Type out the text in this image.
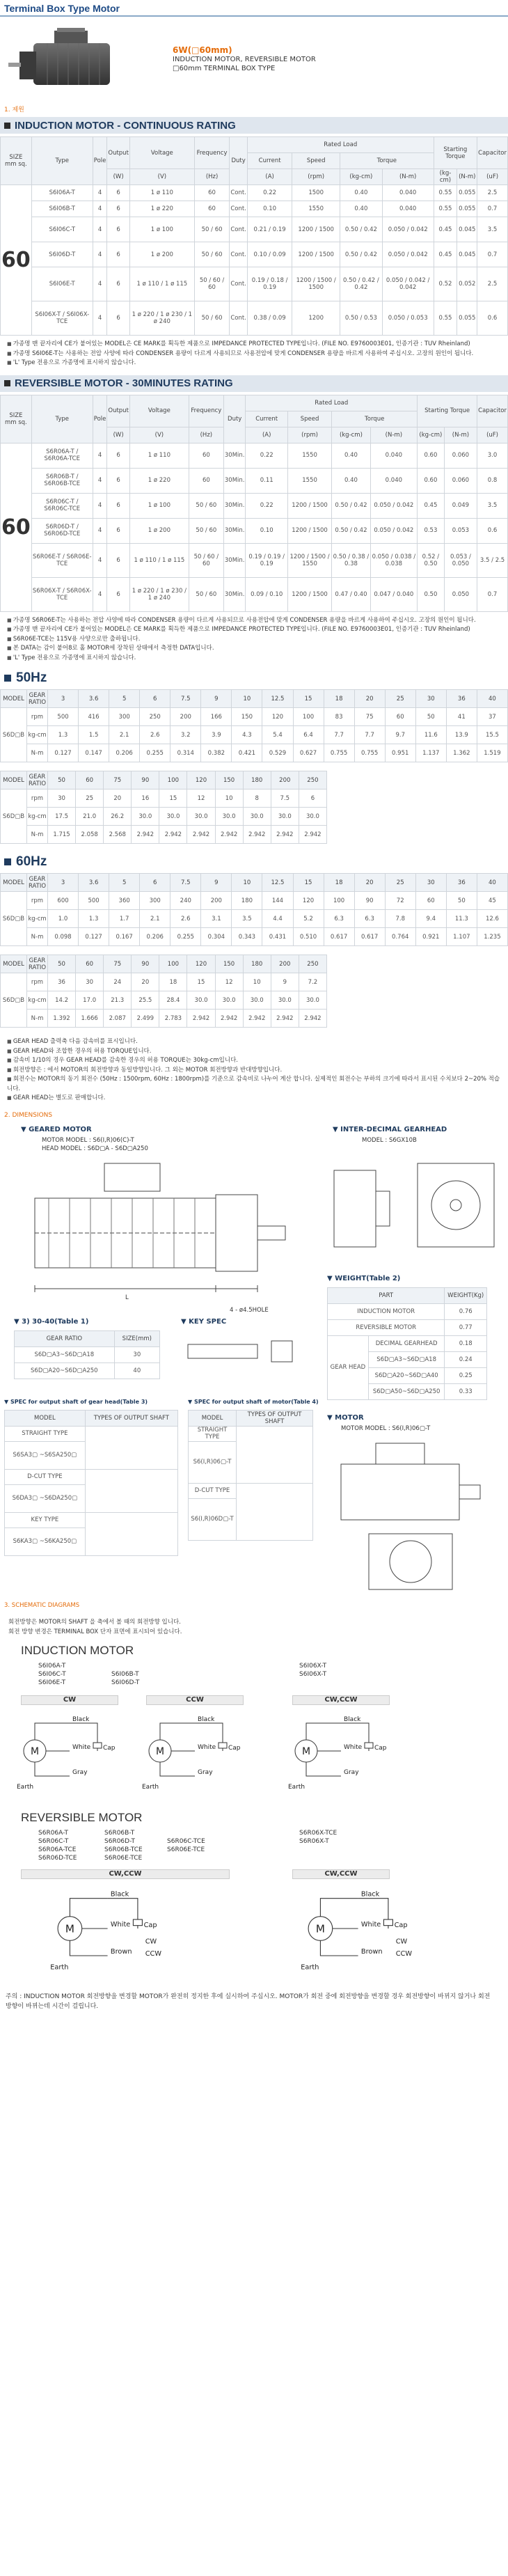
Terminal Box Type Motor
6W(□60mm)
INDUCTION MOTOR, REVERSIBLE MOTOR
□60mm TERMINAL BOX TYPE
1. 제원
INDUCTION MOTOR - CONTINUOUS RATING
SIZE
mm sq.	Type	Pole	Output	Voltage	Frequency	Duty	Rated Load				Starting Torque		Capacitor
							Current	Speed	Torque				
			(W)	(V)	(Hz)		(A)	(rpm)	(kg-cm)	(N-m)	(kg-cm)	(N-m)	(uF)
60	S6I06A-T	4	6	1 ø 110	60	Cont.	0.22	1500	0.40	0.040	0.55	0.055	2.5
	S6I06B-T	4	6	1 ø 220	60	Cont.	0.10	1550	0.40	0.040	0.55	0.055	0.7
	S6I06C-T	4	6	1 ø 100	50 / 60	Cont.	0.21 / 0.19	1200 / 1500	0.50 / 0.42	0.050 / 0.042	0.45	0.045	3.5
	S6I06D-T	4	6	1 ø 200	50 / 60	Cont.	0.10 / 0.09	1200 / 1500	0.50 / 0.42	0.050 / 0.042	0.45	0.045	0.7
	S6I06E-T	4	6	1 ø 110 / 1 ø 115	50 / 60 / 60	Cont.	0.19 / 0.18 / 0.19	1200 / 1500 / 1500	0.50 / 0.42 / 0.42	0.050 / 0.042 / 0.042	0.52	0.052	2.5
	S6I06X-T / S6I06X-TCE	4	6	1 ø 220 / 1 ø 230 / 1 ø 240	50 / 60	Cont.	0.38 / 0.09	1200	0.50 / 0.53	0.050 / 0.053	0.55	0.055	0.6

■ 가종명 맨 끝자리에 CE가 붙어있는 MODEL은 CE MARK를 획득한 제품으로 IMPEDANCE PROTECTED TYPE입니다. (FILE NO. E9760003E01, 인증기관 : TUV Rheinland)

■ 가종명 S6I06E-T는 사용하는 전압 사양에 따라 CONDENSER 용량이 다르게 사용되므로 사용전압에 맞게 CONDENSER 용량을 바르게 사용하여 주십시오. 고장의 원인이 됩니다.

■ 'L' Type 전용으로 가종명에 표시하지 않습니다.

REVERSIBLE MOTOR - 30MINUTES RATING
SIZE
mm sq.	Type	Pole	Output	Voltage	Frequency	Duty	Rated Load				Starting Torque		Capacitor
							Current	Speed	Torque				
			(W)	(V)	(Hz)		(A)	(rpm)	(kg-cm)	(N-m)	(kg-cm)	(N-m)	(uF)
60	S6R06A-T / S6R06A-TCE	4	6	1 ø 110	60	30Min.	0.22	1550	0.40	0.040	0.60	0.060	3.0
	S6R06B-T / S6R06B-TCE	4	6	1 ø 220	60	30Min.	0.11	1550	0.40	0.040	0.60	0.060	0.8
	S6R06C-T / S6R06C-TCE	4	6	1 ø 100	50 / 60	30Min.	0.22	1200 / 1500	0.50 / 0.42	0.050 / 0.042	0.45	0.049	3.5
	S6R06D-T / S6R06D-TCE	4	6	1 ø 200	50 / 60	30Min.	0.10	1200 / 1500	0.50 / 0.42	0.050 / 0.042	0.53	0.053	0.6
	S6R06E-T / S6R06E-TCE	4	6	1 ø 110 / 1 ø 115	50 / 60 / 60	30Min.	0.19 / 0.19 / 0.19	1200 / 1500 / 1550	0.50 / 0.38 / 0.38	0.050 / 0.038 / 0.038	0.52 / 0.50	0.053 / 0.050	3.5 / 2.5
	S6R06X-T / S6R06X-TCE	4	6	1 ø 220 / 1 ø 230 / 1 ø 240	50 / 60	30Min.	0.09 / 0.10	1200 / 1500	0.47 / 0.40	0.047 / 0.040	0.50	0.050	0.7

■ 가종명 S6R06E-T는 사용하는 전압 사양에 따라 CONDENSER 용량이 다르게 사용되므로 사용전압에 맞게 CONDENSER 용량을 바르게 사용하여 주십시오. 고장의 원인이 됩니다.

■ 가종명 맨 끝자리에 CE가 붙어있는 MODEL은 CE MARK를 획득한 제품으로 IMPEDANCE PROTECTED TYPE입니다. (FILE NO. E9760003E01, 인증기관 : TUV Rheinland)

■ S6R06E-TCE는 115V용 사양으로만 출하됩니다.

■ 본 DATA는 감이 붙어8로 홀 MOTOR에 장착된 상태에서 측정한 DATA입니다.

■ 'L' Type 전용으로 가종명에 표시하지 않습니다.

50Hz
MODEL	GEAR RATIO	3	3.6	5	6	7.5	9	10	12.5	15	18	20	25	30	36	40
S6D▢B	rpm	500	416	300	250	200	166	150	120	100	83	75	60	50	41	37
	kg-cm	1.3	1.5	2.1	2.6	3.2	3.9	4.3	5.4	6.4	7.7	7.7	9.7	11.6	13.9	15.5
	N-m	0.127	0.147	0.206	0.255	0.314	0.382	0.421	0.529	0.627	0.755	0.755	0.951	1.137	1.362	1.519
MODEL	GEAR RATIO	50	60	75	90	100	120	150	180	200	250
S6D▢B	rpm	30	25	20	16	15	12	10	8	7.5	6
	kg-cm	17.5	21.0	26.2	30.0	30.0	30.0	30.0	30.0	30.0	30.0
	N-m	1.715	2.058	2.568	2.942	2.942	2.942	2.942	2.942	2.942	2.942
60Hz
MODEL	GEAR RATIO	3	3.6	5	6	7.5	9	10	12.5	15	18	20	25	30	36	40
S6D▢B	rpm	600	500	360	300	240	200	180	144	120	100	90	72	60	50	45
	kg-cm	1.0	1.3	1.7	2.1	2.6	3.1	3.5	4.4	5.2	6.3	6.3	7.8	9.4	11.3	12.6
	N-m	0.098	0.127	0.167	0.206	0.255	0.304	0.343	0.431	0.510	0.617	0.617	0.764	0.921	1.107	1.235
MODEL	GEAR RATIO	50	60	75	90	100	120	150	180	200	250
S6D▢B	rpm	36	30	24	20	18	15	12	10	9	7.2
	kg-cm	14.2	17.0	21.3	25.5	28.4	30.0	30.0	30.0	30.0	30.0
	N-m	1.392	1.666	2.087	2.499	2.783	2.942	2.942	2.942	2.942	2.942

■ GEAR HEAD 출력축 다음 감속비를 표시입니다.

■ GEAR HEAD와 조합한 경우의 허용 TORQUE입니다.

■ 감속비 1/10의 경우 GEAR HEAD를 감속한 경우의 허용 TORQUE는 30kg-cm입니다.

■ 회전방향은 : 에서 MOTOR의 회전방향과 동일방향입니다. 그 외는 MOTOR 회전방향과 반대방향입니다.

■ 회전수는 MOTOR의 동기 회전수 (50Hz : 1500rpm, 60Hz : 1800rpm)를 기준으로 감속비로 나누어 계산 합니다. 실제적인 회전수는 부하의 크기에 따라서 표시된 수치보다 2~20% 적습니다.

■ GEAR HEAD는 별도로 판매합니다.

2. DIMENSIONS
▼ GEARED MOTOR
MOTOR MODEL : S6(I,R)06(C)-T
HEAD MODEL : S6D▢A - S6D▢A250
L
4 - ø4.5HOLE
▼ INTER-DECIMAL GEARHEAD
MODEL : S6GX10B
▼ WEIGHT(Table 2)
PART		WEIGHT(Kg)
INDUCTION MOTOR		0.76
REVERSIBLE MOTOR		0.77
GEAR HEAD	DECIMAL GEARHEAD	0.18
	S6D▢A3~S6D▢A18	0.24
	S6D▢A20~S6D▢A40	0.25
	S6D▢A50~S6D▢A250	0.33
▼ 3) 30-40(Table 1)
GEAR RATIO	SIZE(mm)
S6D▢A3~S6D▢A18	30
S6D▢A20~S6D▢A250	40
▼ KEY SPEC
▼ SPEC for output shaft of gear head(Table 3)
MODEL	TYPES OF OUTPUT SHAFT
STRAIGHT TYPE	
S6SA3▢ ~S6SA250▢	
D-CUT TYPE	
S6DA3▢ ~S6DA250▢	
KEY TYPE	
S6KA3▢ ~S6KA250▢	
▼ SPEC for output shaft of motor(Table 4)
MODEL	TYPES OF OUTPUT SHAFT
STRAIGHT TYPE	
S6(I,R)06▢-T	
D-CUT TYPE	
S6(I,R)06D▢-T	
▼ MOTOR
MOTOR MODEL : S6(I,R)06▢-T
3. SCHEMATIC DIAGRAMS
회전방향은 MOTOR의 SHAFT 을 축에서 볼 때의 회전방향 입니다.
회전 방향 변경은 TERMINAL BOX 단자 표면에 표시되어 있습니다.
INDUCTION MOTOR
S6I06A-T
S6I06C-T
S6I06E-T
S6I06B-T
S6I06D-T
S6I06X-T
S6I06X-T
CW	CCW	CW,CCW
M
Black
White
Gray
Cap
Earth
M
Black
White
Gray
Cap
Earth
M
Black
White
Gray
Cap
Earth
REVERSIBLE MOTOR
S6R06A-T
S6R06C-T
S6R06A-TCE
S6R06D-TCE
S6R06B-T
S6R06D-T
S6R06B-TCE
S6R06E-TCE
S6R06C-TCE
S6R06E-TCE
S6R06X-TCE
S6R06X-T
CW,CCW	CW,CCW
M
Black
White
Brown
Cap
Earth
CW
CCW
M
Black
White
Brown
Cap
Earth
CW
CCW
주의 : INDUCTION MOTOR 회전방향을 변경할 MOTOR가 완전히 정지한 후에 실시하여 주십시오. MOTOR가 회전 중에 회전방향을 변경할 경우 회전방향이 바뀌지 않거나 회전방향이 바뀌는데 시간이 걸립니다.
